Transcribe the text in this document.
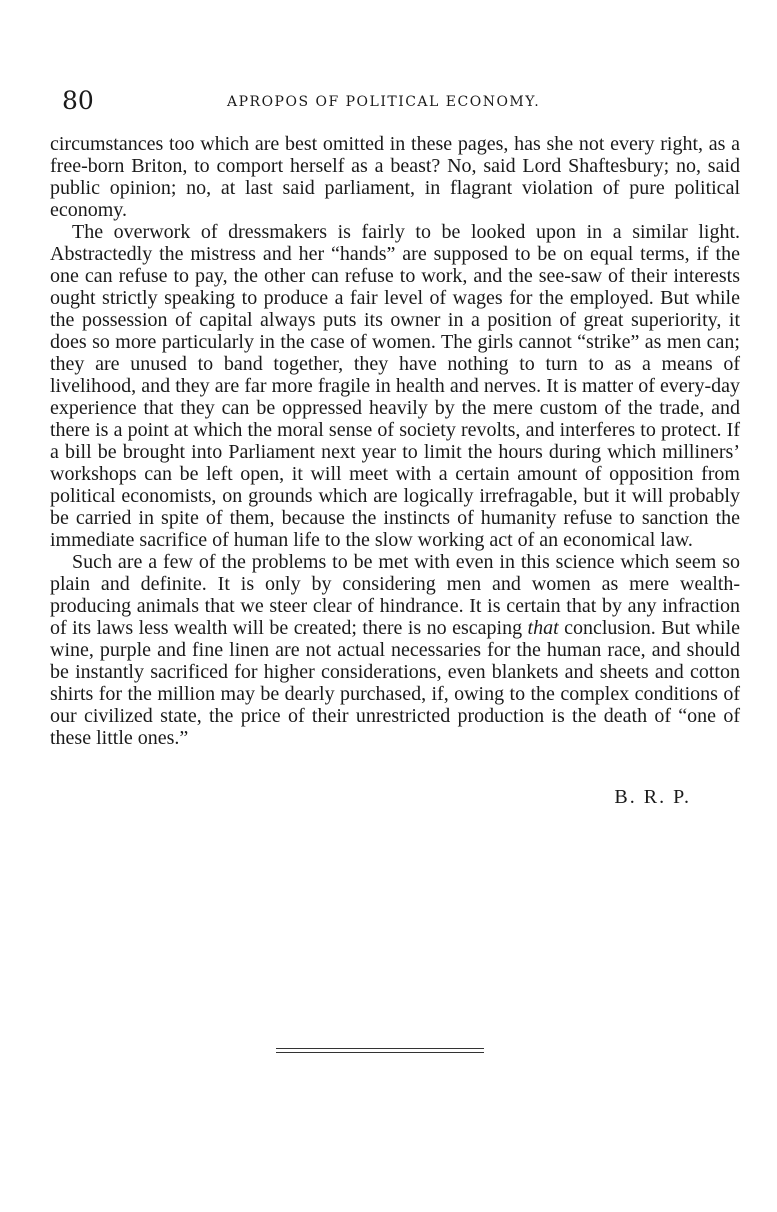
80	APROPOS OF POLITICAL ECONOMY.

circumstances too which are best omitted in these pages, has she not every right, as a free-born Briton, to comport herself as a beast? No, said Lord Shaftesbury; no, said public opinion; no, at last said parliament, in flagrant violation of pure political economy.

The overwork of dressmakers is fairly to be looked upon in a similar light. Abstractedly the mistress and her “hands” are supposed to be on equal terms, if the one can refuse to pay, the other can refuse to work, and the see-saw of their interests ought strictly speaking to produce a fair level of wages for the employed. But while the possession of capital always puts its owner in a position of great superiority, it does so more particularly in the case of women. The girls cannot “strike” as men can; they are unused to band together, they have nothing to turn to as a means of livelihood, and they are far more fragile in health and nerves. It is matter of every-day experience that they can be oppressed heavily by the mere custom of the trade, and there is a point at which the moral sense of society revolts, and interferes to protect. If a bill be brought into Parliament next year to limit the hours during which milliners’ workshops can be left open, it will meet with a certain amount of opposition from political economists, on grounds which are logically irrefragable, but it will probably be carried in spite of them, because the instincts of humanity refuse to sanction the immediate sacrifice of human life to the slow working act of an economical law.

Such are a few of the problems to be met with even in this science which seem so plain and definite. It is only by considering men and women as mere wealth-producing animals that we steer clear of hindrance. It is certain that by any infraction of its laws less wealth will be created; there is no escaping that conclusion. But while wine, purple and fine linen are not actual necessaries for the human race, and should be instantly sacrificed for higher considerations, even blankets and sheets and cotton shirts for the million may be dearly purchased, if, owing to the complex conditions of our civilized state, the price of their unrestricted production is the death of “one of these little ones.”

B. R. P.
